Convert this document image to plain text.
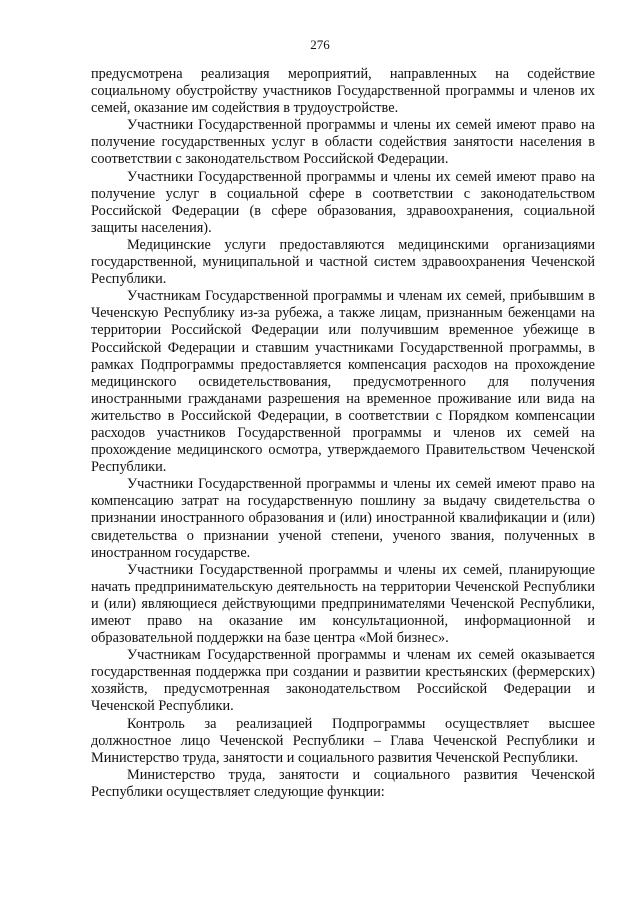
276

предусмотрена реализация мероприятий, направленных на содействие социальному обустройству участников Государственной программы и членов их семей, оказание им содействия в трудоустройстве.

Участники Государственной программы и члены их семей имеют право на получение государственных услуг в области содействия занятости населения в соответствии с законодательством Российской Федерации.

Участники Государственной программы и члены их семей имеют право на получение услуг в социальной сфере в соответствии с законодательством Российской Федерации (в сфере образования, здравоохранения, социальной защиты населения).

Медицинские услуги предоставляются медицинскими организациями государственной, муниципальной и частной систем здравоохранения Чеченской Республики.

Участникам Государственной программы и членам их семей, прибывшим в Чеченскую Республику из-за рубежа, а также лицам, признанным беженцами на территории Российской Федерации или получившим временное убежище в Российской Федерации и ставшим участниками Государственной программы, в рамках Подпрограммы предоставляется компенсация расходов на прохождение медицинского освидетельствования, предусмотренного для получения иностранными гражданами разрешения на временное проживание или вида на жительство в Российской Федерации, в соответствии с Порядком компенсации расходов участников Государственной программы и членов их семей на прохождение медицинского осмотра, утверждаемого Правительством Чеченской Республики.

Участники Государственной программы и члены их семей имеют право на компенсацию затрат на государственную пошлину за выдачу свидетельства о признании иностранного образования и (или) иностранной квалификации и (или) свидетельства о признании ученой степени, ученого звания, полученных в иностранном государстве.

Участники Государственной программы и члены их семей, планирующие начать предпринимательскую деятельность на территории Чеченской Республики и (или) являющиеся действующими предпринимателями Чеченской Республики, имеют право на оказание им консультационной, информационной и образовательной поддержки на базе центра «Мой бизнес».

Участникам Государственной программы и членам их семей оказывается государственная поддержка при создании и развитии крестьянских (фермерских) хозяйств, предусмотренная законодательством Российской Федерации и Чеченской Республики.

Контроль за реализацией Подпрограммы осуществляет высшее должностное лицо Чеченской Республики – Глава Чеченской Республики и Министерство труда, занятости и социального развития Чеченской Республики.

Министерство труда, занятости и социального развития Чеченской Республики осуществляет следующие функции:
